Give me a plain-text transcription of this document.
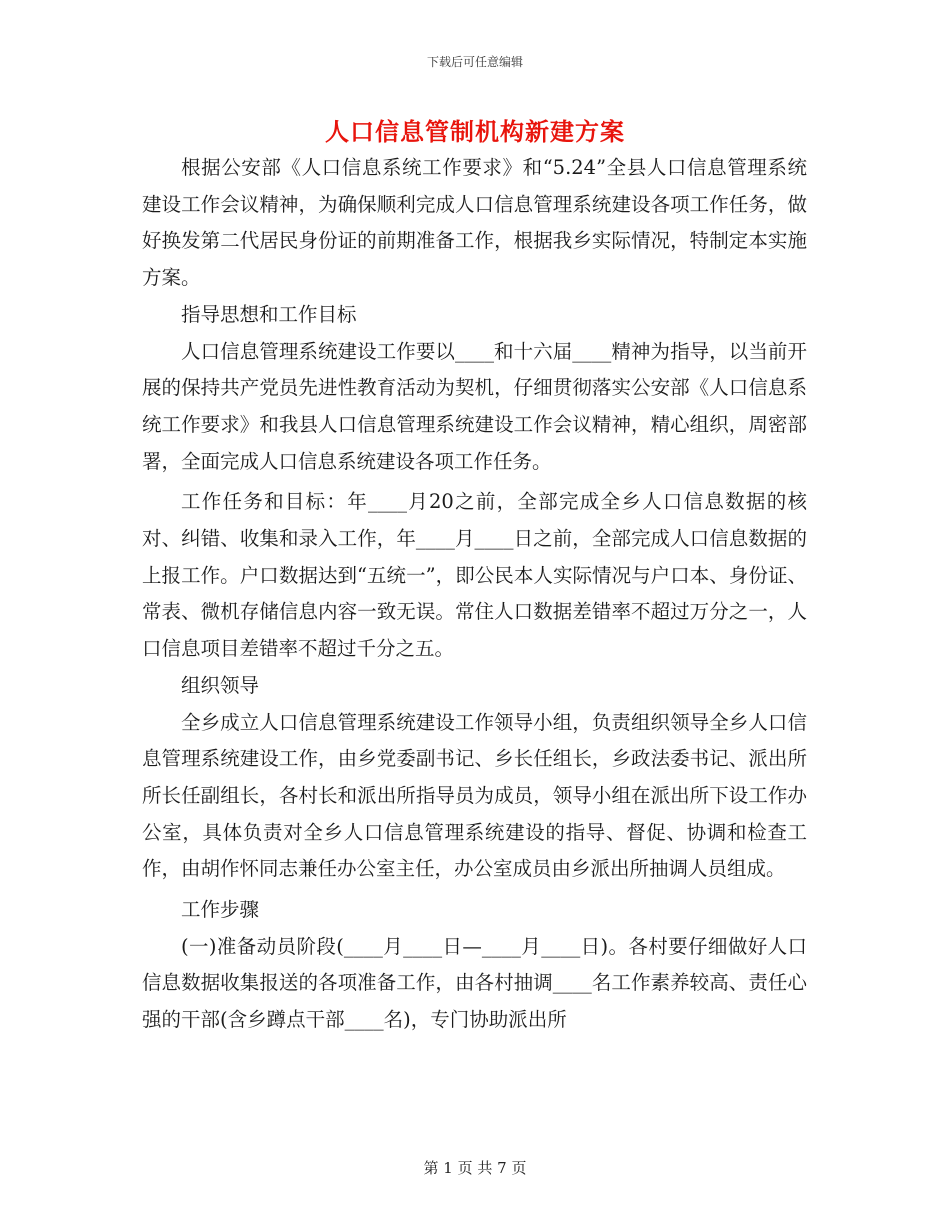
下载后可任意编辑
人口信息管制机构新建方案

根据公安部《人口信息系统工作要求》和“5.24”全县人口信息管理系统建设工作会议精神，为确保顺利完成人口信息管理系统建设各项工作任务，做好换发第二代居民身份证的前期准备工作，根据我乡实际情况，特制定本实施方案。

指导思想和工作目标

人口信息管理系统建设工作要以____和十六届____精神为指导，以当前开展的保持共产党员先进性教育活动为契机，仔细贯彻落实公安部《人口信息系统工作要求》和我县人口信息管理系统建设工作会议精神，精心组织，周密部署，全面完成人口信息系统建设各项工作任务。

工作任务和目标：年____月20之前，全部完成全乡人口信息数据的核对、纠错、收集和录入工作，年____月____日之前，全部完成人口信息数据的上报工作。户口数据达到“五统一”，即公民本人实际情况与户口本、身份证、常表、微机存储信息内容一致无误。常住人口数据差错率不超过万分之一，人口信息项目差错率不超过千分之五。

组织领导

全乡成立人口信息管理系统建设工作领导小组，负责组织领导全乡人口信息管理系统建设工作，由乡党委副书记、乡长任组长，乡政法委书记、派出所所长任副组长，各村长和派出所指导员为成员，领导小组在派出所下设工作办公室，具体负责对全乡人口信息管理系统建设的指导、督促、协调和检查工作，由胡作怀同志兼任办公室主任，办公室成员由乡派出所抽调人员组成。

工作步骤

(一)准备动员阶段(____月____日—____月____日)。各村要仔细做好人口信息数据收集报送的各项准备工作，由各村抽调____名工作素养较高、责任心强的干部(含乡蹲点干部____名)，专门协助派出所

第 1 页 共 7 页
